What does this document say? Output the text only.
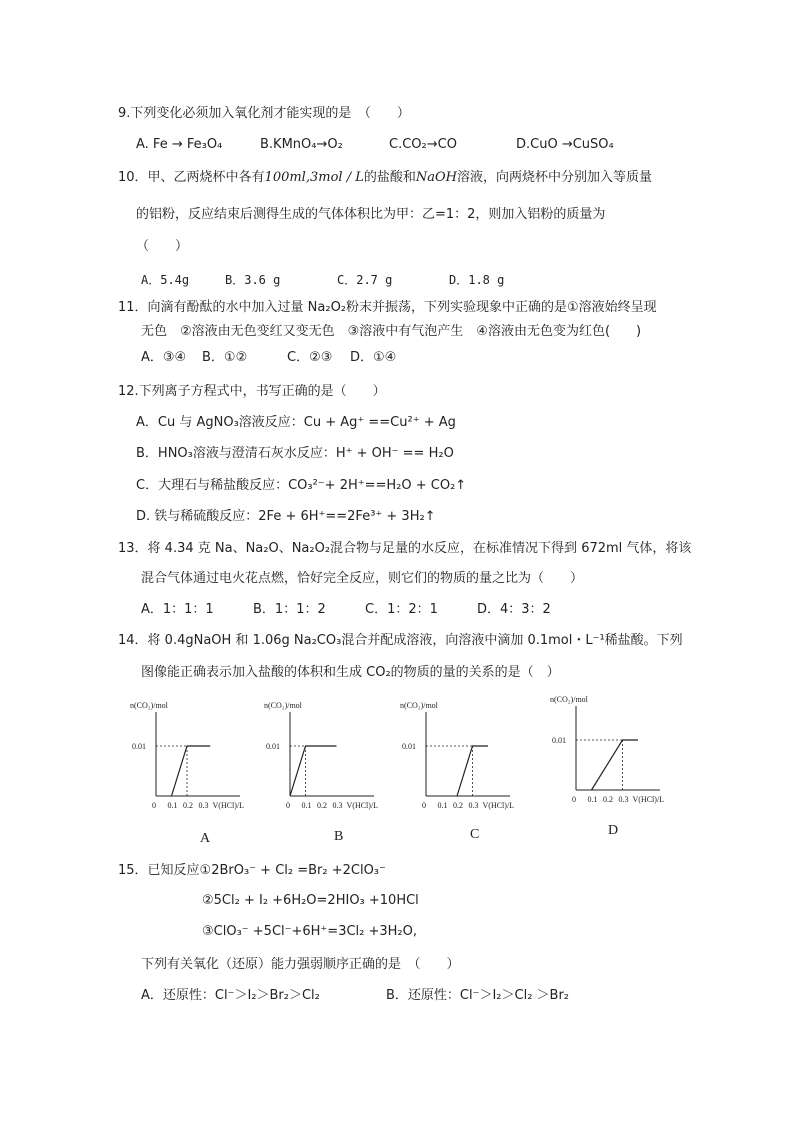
9.下列变化必须加入氧化剂才能实现的是　（　　）
A. Fe → Fe₃O₄	B.KMnO₄→O₂	C.CO₂→CO	D.CuO →CuSO₄
10．甲、乙两烧杯中各有100ml,3mol / L的盐酸和NaOH溶液，向两烧杯中分别加入等质量
的铝粉，反应结束后测得生成的气体体积比为甲：乙=1：2，则加入铝粉的质量为
（　　）
A．5.4g	B．3.6 g	C．2.7 g	D．1.8 g
11．向滴有酚酞的水中加入过量 Na₂O₂粉末并振荡，下列实验现象中正确的是①溶液始终呈现
无色　②溶液由无色变红又变无色　③溶液中有气泡产生　④溶液由无色变为红色(　　)
A．③④ B．①②	C．②③ D．①④
12.下列离子方程式中，书写正确的是（　　）
A．Cu 与 AgNO₃溶液反应：Cu + Ag⁺ ==Cu²⁺ + Ag
B．HNO₃溶液与澄清石灰水反应：H⁺ + OH⁻ == H₂O
C．大理石与稀盐酸反应：CO₃²⁻+ 2H⁺==H₂O + CO₂↑
D. 铁与稀硫酸反应：2Fe + 6H⁺==2Fe³⁺ + 3H₂↑
13．将 4.34 克 Na、Na₂O、Na₂O₂混合物与足量的水反应，在标准情况下得到 672ml 气体，将该
混合气体通过电火花点燃，恰好完全反应，则它们的物质的量之比为（　　）
A．1：1：1	B．1：1：2	C．1：2：1	D．4：3：2
14．将 0.4gNaOH 和 1.06g Na₂CO₃混合并配成溶液，向溶液中滴加 0.1mol・L⁻¹稀盐酸。下列
图像能正确表示加入盐酸的体积和生成 CO₂的物质的量的关系的是（　）
n(CO₂)/mol
0.01
0 0.1 0.2 0.3 V(HCl)/L
n(CO₂)/mol
0.01
0 0.1 0.2 0.3 V(HCl)/L
n(CO₂)/mol
0.01
0 0.1 0.2 0.3 V(HCl)/L
n(CO₂)/mol
0.01
0 0.1 0.2 0.3 V(HCl)/L
A	B	C	D
15．已知反应①2BrO₃⁻ + Cl₂ =Br₂ +2ClO₃⁻
②5Cl₂ + I₂ +6H₂O=2HIO₃ +10HCl
③ClO₃⁻ +5Cl⁻+6H⁺=3Cl₂ +3H₂O,
下列有关氧化（还原）能力强弱顺序正确的是　（　　）
A．还原性：Cl⁻＞I₂＞Br₂＞Cl₂	B．还原性：Cl⁻＞I₂＞Cl₂ ＞Br₂
